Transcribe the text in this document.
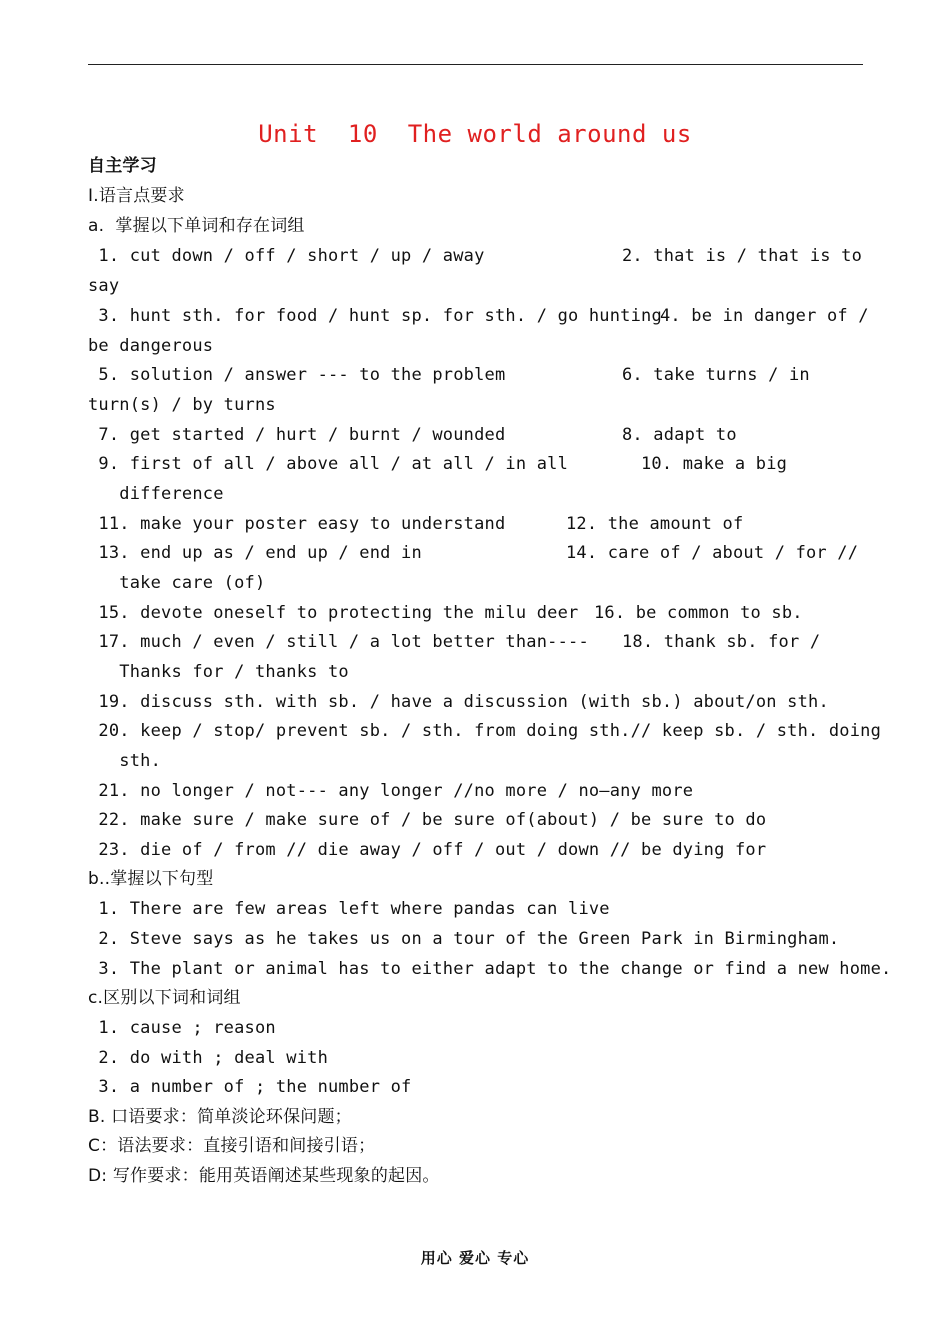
Unit  10  The world around us
自主学习
I.语言点要求
a.  掌握以下单词和存在词组
1. cut down / off / short / up / away	2. that is / that is to
say
3. hunt sth. for food / hunt sp. for sth. / go hunting
4. be in danger of /
be dangerous
5. solution / answer --- to the problem	6. take turns / in
turn(s) / by turns
7. get started / hurt / burnt / wounded	8. adapt to
9. first of all / above all / at all / in all	10. make a big
difference
11. make your poster easy to understand	12. the amount of
13. end up as / end up / end in	14. care of / about / for //
take care (of)
15. devote oneself to protecting the milu deer 16. be common to sb.
17. much / even / still / a lot better than---- 18. thank sb. for /
Thanks for / thanks to
19. discuss sth. with sb. / have a discussion (with sb.) about/on sth.
20. keep / stop/ prevent sb. / sth. from doing sth.// keep sb. / sth. doing
sth.
21. no longer / not--- any longer //no more / no—any more
22. make sure / make sure of / be sure of(about) / be sure to do
23. die of / from // die away / off / out / down // be dying for
b..掌握以下句型
1. There are few areas left where pandas can live
2. Steve says as he takes us on a tour of the Green Park in Birmingham.
3. The plant or animal has to either adapt to the change or find a new home.
c.区别以下词和词组
1. cause ; reason
2. do with ; deal with
3. a number of ; the number of
B. 口语要求：简单淡论环保问题；
C：语法要求：直接引语和间接引语；
D: 写作要求：能用英语阐述某些现象的起因。
用心 爱心 专心
